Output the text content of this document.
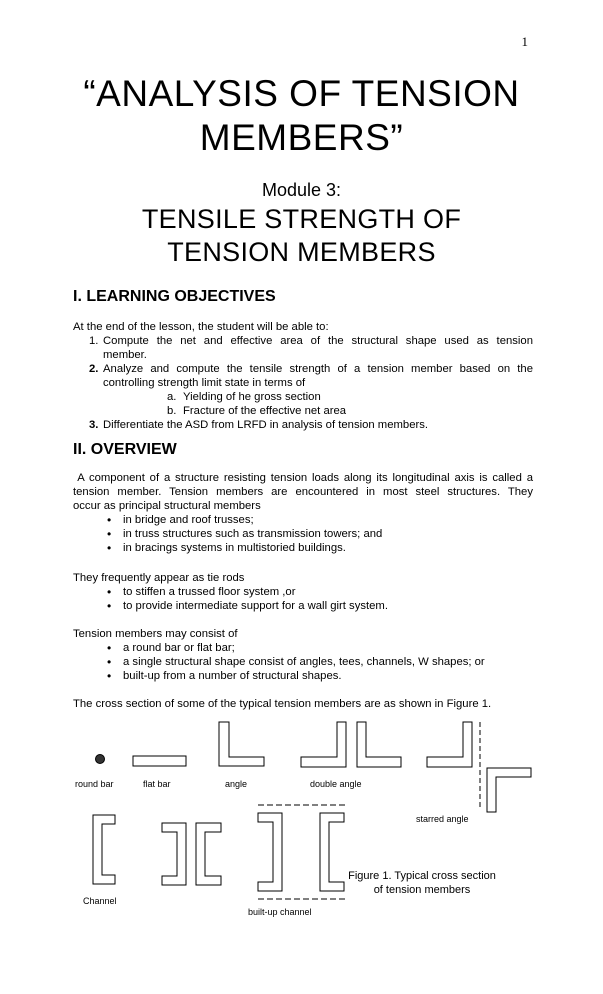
1
“ANALYSIS OF TENSION
MEMBERS”
Module 3:
TENSILE STRENGTH OF
TENSION MEMBERS
I. LEARNING OBJECTIVES
At the end of the lesson, the student will be able to:
1. Compute the net and effective area of the structural shape used as tension
member.
2. Analyze and compute the tensile strength of a tension member based on the
controlling strength limit state in terms of
a. Yielding of he gross section
b. Fracture of the effective net area
3. Differentiate the ASD from LRFD in analysis of tension members.
II. OVERVIEW
A component of a structure resisting tension loads along its longitudinal axis is called a
tension member. Tension members are encountered in most steel structures. They
occur as principal structural members
• in bridge and roof trusses;
• in truss structures such as transmission towers; and
• in bracings systems in multistoried buildings.
They frequently appear as tie rods
• to stiffen a trussed floor system ,or
• to provide intermediate support for a wall girt system.
Tension members may consist of
• a round bar or flat bar;
• a single structural shape consist of angles, tees, channels, W shapes; or
• built-up from a number of structural shapes.
The cross section of some of the typical tension members are as shown in Figure 1.
round bar	flat bar	angle	double angle
starred angle
Channel
built-up channel
Figure 1. Typical cross section
of tension members
